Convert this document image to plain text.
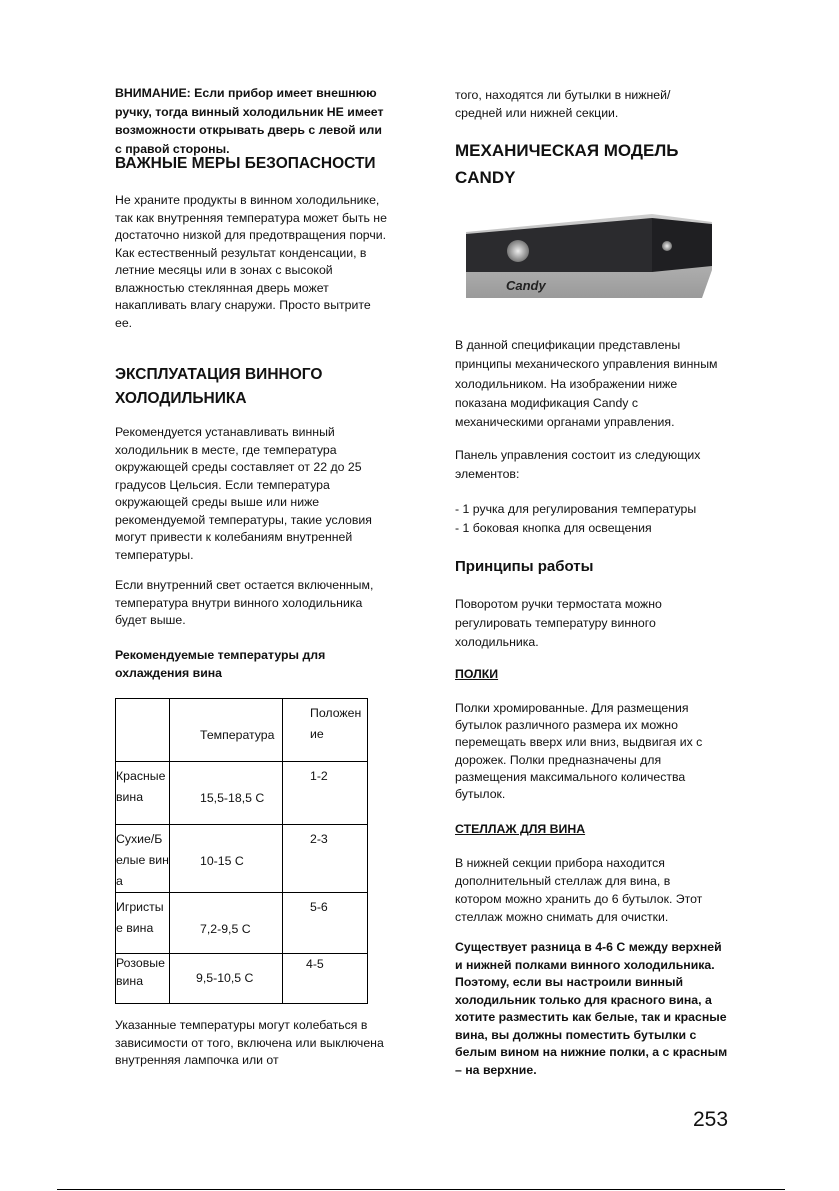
ВНИМАНИЕ: Если прибор имеет внешнюю ручку, тогда винный холодильник НЕ имеет возможности открывать дверь с левой или с правой стороны.

ВАЖНЫЕ МЕРЫ БЕЗОПАСНОСТИ

Не храните продукты в винном холодильнике, так как внутренняя температура может быть не достаточно низкой для предотвращения порчи. Как естественный результат конденсации, в летние месяцы или в зонах с высокой влажностью стеклянная дверь может накапливать влагу снаружи. Просто вытрите ее.

ЭКСПЛУАТАЦИЯ ВИННОГО ХОЛОДИЛЬНИКА

Рекомендуется устанавливать винный холодильник в месте, где температура окружающей среды составляет от 22 до 25 градусов Цельсия. Если температура окружающей среды выше или ниже рекомендуемой температуры, такие условия могут привести к колебаниям внутренней температуры.

Если внутренний свет остается включенным, температура внутри винного холодильника будет выше.

Рекомендуемые температуры для охлаждения вина

	Температура	Положение
Красные вина	15,5-18,5 C	1-2
Сухие/Белые вина	10-15 C	2-3
Игристые вина	7,2-9,5 C	5-6
Розовые вина	9,5-10,5 C	4-5

Указанные температуры могут колебаться в зависимости от того, включена или выключена внутренняя лампочка или от

того, находятся ли бутылки в нижней/средней или нижней секции.

МЕХАНИЧЕСКАЯ МОДЕЛЬ CANDY
Candy

В данной спецификации представлены принципы механического управления винным холодильником. На изображении ниже показана модификация Candy с механическими органами управления.

Панель управления состоит из следующих элементов:

- 1 ручка для регулирования температуры
- 1 боковая кнопка для освещения
Принципы работы

Поворотом ручки термостата можно регулировать температуру винного холодильника.

ПОЛКИ

Полки хромированные. Для размещения бутылок различного размера их можно перемещать вверх или вниз, выдвигая их с дорожек. Полки предназначены для размещения максимального количества бутылок.

СТЕЛЛАЖ ДЛЯ ВИНА

В нижней секции прибора находится дополнительный стеллаж для вина, в котором можно хранить до 6 бутылок. Этот стеллаж можно снимать для очистки.

Существует разница в 4-6 С между верхней и нижней полками винного холодильника. Поэтому, если вы настроили винный холодильник только для красного вина, а хотите разместить как белые, так и красные вина, вы должны поместить бутылки с белым вином на нижние полки, а с красным – на верхние.

253
